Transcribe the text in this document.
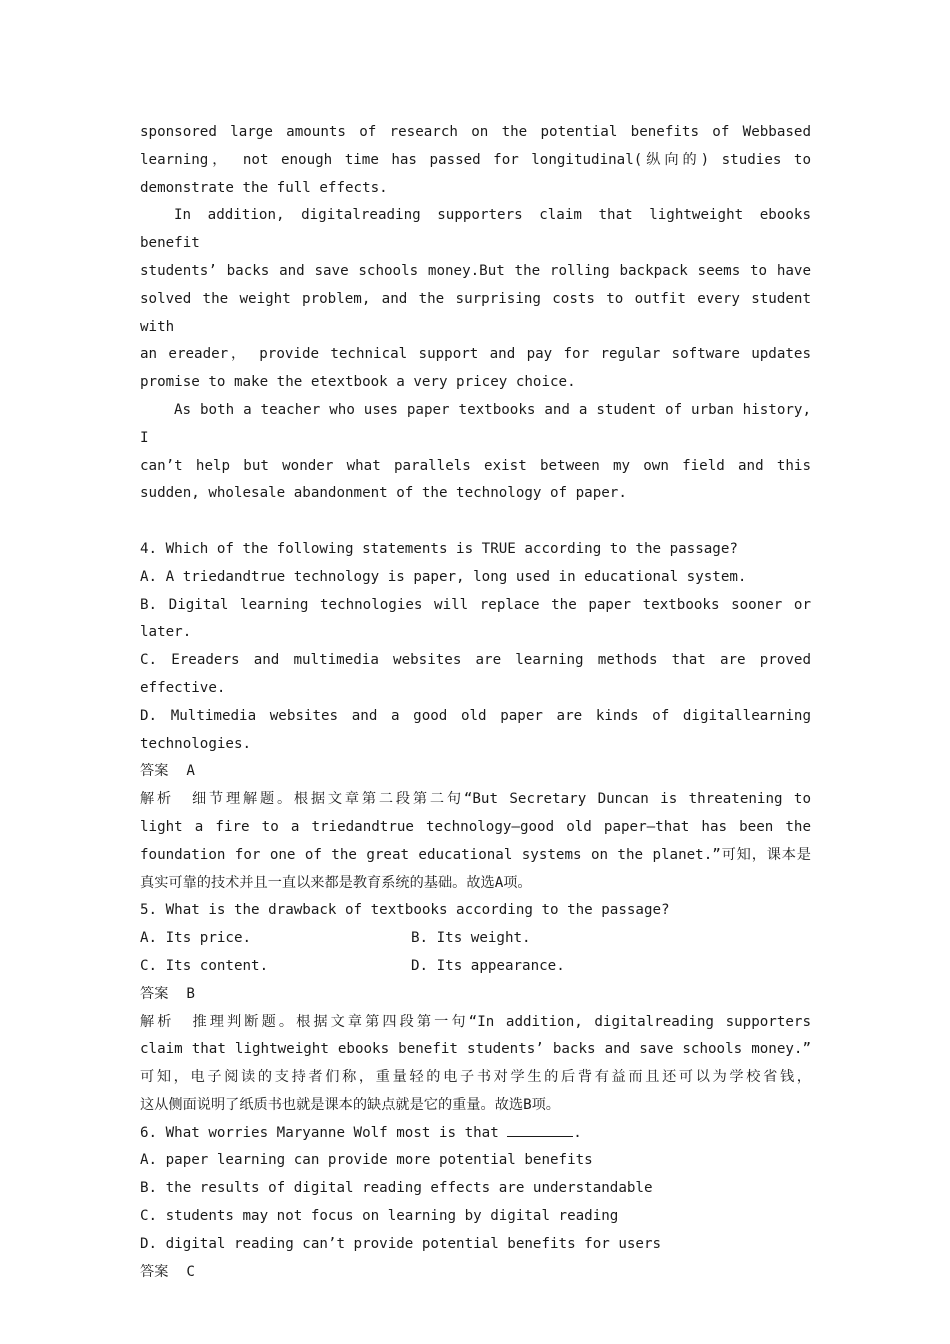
sponsored large amounts of research on the potential benefits of Webbased

learning， not enough time has passed for longitudinal(纵向的) studies to

demonstrate the full effects.

In addition, digitalreading supporters claim that lightweight ebooks benefit

students’ backs and save schools money.But the rolling backpack seems to have

solved the weight problem, and the surprising costs to outfit every student with

an ereader， provide technical support and pay for regular software updates

promise to make the etextbook a very pricey choice.

As both a teacher who uses paper textbooks and a student of urban history, I

can’t help but wonder what parallels exist between my own field and this

sudden, wholesale abandonment of the technology of paper.

4. Which of the following statements is TRUE according to the passage?

A. A triedandtrue technology is paper, long used in educational system.

B. Digital learning technologies will replace the paper textbooks sooner or

later.

C. Ereaders and multimedia websites are learning methods that are proved

effective.

D. Multimedia websites and a good old paper are kinds of digitallearning

technologies.

答案 A

解析 细节理解题。根据文章第二段第二句“But Secretary Duncan is threatening to

light a fire to a triedandtrue technology—good old paper—that has been the

foundation for one of the great educational systems on the planet.”可知，课本是

真实可靠的技术并且一直以来都是教育系统的基础。故选A项。

5. What is the drawback of textbooks according to the passage?

A. Its price.	B. Its weight.
C. Its content.	D. Its appearance.

答案 B

解析 推理判断题。根据文章第四段第一句“In addition, digitalreading supporters

claim that lightweight ebooks benefit students’ backs and save schools money.”

可知，电子阅读的支持者们称，重量轻的电子书对学生的后背有益而且还可以为学校省钱，

这从侧面说明了纸质书也就是课本的缺点就是它的重量。故选B项。

6. What worries Maryanne Wolf most is that	.

A. paper learning can provide more potential benefits

B. the results of digital reading effects are understandable

C. students may not focus on learning by digital reading

D. digital reading can’t provide potential benefits for users

答案 C
